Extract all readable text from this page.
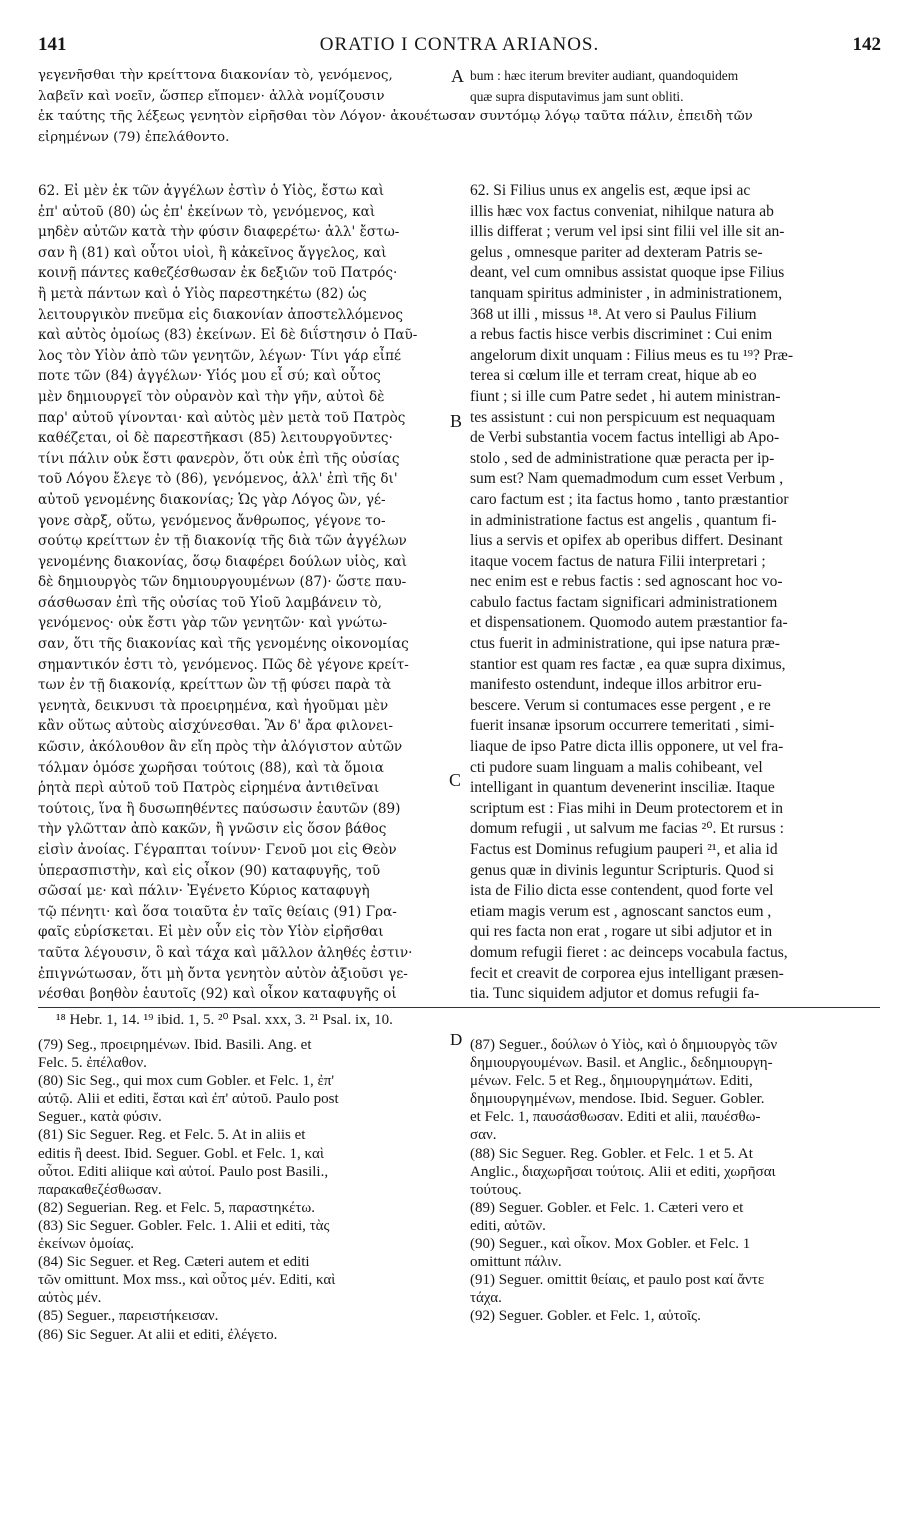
141	ORATIO I CONTRA ARIANOS.	142
γεγενῆσθαι τὴν κρείττονα διακονίαν τὸ, γενόμενος,
λαβεῖν καὶ νοεῖν, ὥσπερ εἴπομεν· ἀλλὰ νομίζουσιν
A bum : hæc iterum breviter audiant, quandoquidem
quæ supra disputavimus jam sunt obliti.
ἐκ ταύτης τῆς λέξεως γενητὸν εἰρῆσθαι τὸν Λόγον· ἀκουέτωσαν συντόμῳ λόγῳ ταῦτα πάλιν, ἐπειδὴ τῶν
εἰρημένων (79) ἐπελάθοντο.
62. Εἰ μὲν ἐκ τῶν ἀγγέλων ἐστὶν ὁ Υἱὸς, ἔστω καὶ
ἐπ' αὐτοῦ (80) ὡς ἐπ' ἐκείνων τὸ, γενόμενος, καὶ
μηδὲν αὐτῶν κατὰ τὴν φύσιν διαφερέτω· ἀλλ' ἔστω-
σαν ἢ (81) καὶ οὗτοι υἱοὶ, ἢ κἀκεῖνος ἄγγελος, καὶ
κοινῇ πάντες καθεζέσθωσαν ἐκ δεξιῶν τοῦ Πατρός·
ἢ μετὰ πάντων καὶ ὁ Υἱὸς παρεστηκέτω (82) ὡς
λειτουργικὸν πνεῦμα εἰς διακονίαν ἀποστελλόμενος
καὶ αὐτὸς ὁμοίως (83) ἐκείνων. Εἰ δὲ διΐστησιν ὁ Παῦ-
λος τὸν Υἱὸν ἀπὸ τῶν γενητῶν, λέγων· Τίνι γάρ εἶπέ
ποτε τῶν (84) ἀγγέλων· Υἱός μου εἶ σύ; καὶ οὗτος
μὲν δημιουργεῖ τὸν οὐρανὸν καὶ τὴν γῆν, αὐτοὶ δὲ
παρ' αὐτοῦ γίνονται· καὶ αὐτὸς μὲν μετὰ τοῦ Πατρὸς
καθέζεται, οἱ δὲ παρεστῆκασι (85) λειτουργοῦντες·
τίνι πάλιν οὐκ ἔστι φανερὸν, ὅτι οὐκ ἐπὶ τῆς οὐσίας
τοῦ Λόγου ἔλεγε τὸ (86), γενόμενος, ἀλλ' ἐπὶ τῆς δι'
αὐτοῦ γενομένης διακονίας; Ὡς γὰρ Λόγος ὢν, γέ-
γονε σὰρξ, οὕτω, γενόμενος ἄνθρωπος, γέγονε το-
σούτῳ κρείττων ἐν τῇ διακονίᾳ τῆς διὰ τῶν ἀγγέλων
γενομένης διακονίας, ὅσῳ διαφέρει δούλων υἱὸς, καὶ
δὲ δημιουργὸς τῶν δημιουργουμένων (87)· ὥστε παυ-
σάσθωσαν ἐπὶ τῆς οὐσίας τοῦ Υἱοῦ λαμβάνειν τὸ,
γενόμενος· οὐκ ἔστι γὰρ τῶν γενητῶν· καὶ γνώτω-
σαν, ὅτι τῆς διακονίας καὶ τῆς γενομένης οἰκονομίας
σημαντικόν ἐστι τὸ, γενόμενος. Πῶς δὲ γέγονε κρείτ-
των ἐν τῇ διακονίᾳ, κρείττων ὢν τῇ φύσει παρὰ τὰ
γενητὰ, δεικνυσι τὰ προειρημένα, καὶ ἡγοῦμαι μὲν
κἂν οὕτως αὐτοὺς αἰσχύνεσθαι. Ἂν δ' ἄρα φιλονει-
κῶσιν, ἀκόλουθον ἂν εἴη πρὸς τὴν ἀλόγιστον αὐτῶν
τόλμαν ὁμόσε χωρῆσαι τούτοις (88), καὶ τὰ ὅμοια
ῥητὰ περὶ αὐτοῦ τοῦ Πατρὸς εἰρημένα ἀντιθεῖναι
τούτοις, ἵνα ἢ δυσωπηθέντες παύσωσιν ἑαυτῶν (89)
τὴν γλῶτταν ἀπὸ κακῶν, ἢ γνῶσιν εἰς ὅσον βάθος
εἰσὶν ἀνοίας. Γέγραπται τοίνυν· Γενοῦ μοι εἰς Θεὸν
ὑπερασπιστὴν, καὶ εἰς οἶκον (90) καταφυγῆς, τοῦ
σῶσαί με· καὶ πάλιν· Ἐγένετο Κύριος καταφυγὴ
τῷ πένητι· καὶ ὅσα τοιαῦτα ἐν ταῖς θείαις (91) Γρα-
φαῖς εὑρίσκεται. Εἰ μὲν οὖν εἰς τὸν Υἱὸν εἰρῆσθαι
ταῦτα λέγουσιν, ὃ καὶ τάχα καὶ μᾶλλον ἀληθές ἐστιν·
ἐπιγνώτωσαν, ὅτι μὴ ὄντα γενητὸν αὐτὸν ἀξιοῦσι γε-
νέσθαι βοηθὸν ἑαυτοῖς (92) καὶ οἶκον καταφυγῆς οἱ
B
C
62. Si Filius unus ex angelis est, æque ipsi ac
illis hæc vox factus conveniat, nihilque natura ab
illis differat ; verum vel ipsi sint filii vel ille sit an-
gelus , omnesque pariter ad dexteram Patris se-
deant, vel cum omnibus assistat quoque ipse Filius
tanquam spiritus administer , in administrationem,
368 ut illi , missus ¹⁸. At vero si Paulus Filium
a rebus factis hisce verbis discriminet : Cui enim
angelorum dixit unquam : Filius meus es tu ¹⁹? Præ-
terea si cœlum ille et terram creat, hique ab eo
fiunt ; si ille cum Patre sedet , hi autem ministran-
tes assistunt : cui non perspicuum est nequaquam
de Verbi substantia vocem factus intelligi ab Apo-
stolo , sed de administratione quæ peracta per ip-
sum est? Nam quemadmodum cum esset Verbum ,
caro factum est ; ita factus homo , tanto præstantior
in administratione factus est angelis , quantum fi-
lius a servis et opifex ab operibus differt. Desinant
itaque vocem factus de natura Filii interpretari ;
nec enim est e rebus factis : sed agnoscant hoc vo-
cabulo factus factam significari administrationem
et dispensationem. Quomodo autem præstantior fa-
ctus fuerit in administratione, qui ipse natura præ-
stantior est quam res factæ , ea quæ supra diximus,
manifesto ostendunt, indeque illos arbitror eru-
bescere. Verum si contumaces esse pergent , e re
fuerit insanæ ipsorum occurrere temeritati , simi-
liaque de ipso Patre dicta illis opponere, ut vel fra-
cti pudore suam linguam a malis cohibeant, vel
intelligant in quantum devenerint insciliæ. Itaque
scriptum est : Fias mihi in Deum protectorem et in
domum refugii , ut salvum me facias ²⁰. Et rursus :
Factus est Dominus refugium pauperi ²¹, et alia id
genus quæ in divinis leguntur Scripturis. Quod si
ista de Filio dicta esse contendent, quod forte vel
etiam magis verum est , agnoscant sanctos eum ,
qui res facta non erat , rogare ut sibi adjutor et in
domum refugii fieret : ac deinceps vocabula factus,
fecit et creavit de corporea ejus intelligant præsen-
tia. Tunc siquidem adjutor et domus refugii fa-
¹⁸ Hebr. 1, 14. ¹⁹ ibid. 1, 5. ²⁰ Psal. xxx, 3. ²¹ Psal. ix, 10.
(79) Seg., προειρημένων. Ibid. Basili. Ang. et
Felc. 5. ἐπέλαθον.
(80) Sic Seg., qui mox cum Gobler. et Felc. 1, ἐπ'
αὐτῷ. Alii et editi, ἔσται καὶ ἐπ' αὐτοῦ. Paulo post
Seguer., κατὰ φύσιν.
(81) Sic Seguer. Reg. et Felc. 5. At in aliis et
editis ἢ deest. Ibid. Seguer. Gobl. et Felc. 1, καὶ
οὗτοι. Editi aliique καὶ αὐτοί. Paulo post Basili.,
παρακαθεζέσθωσαν.
(82) Seguerian. Reg. et Felc. 5, παραστηκέτω.
(83) Sic Seguer. Gobler. Felc. 1. Alii et editi, τὰς
ἐκείνων ὁμοίας.
(84) Sic Seguer. et Reg. Cæteri autem et editi
τῶν omittunt. Mox mss., καὶ οὗτος μέν. Editi, καὶ
αὐτὸς μέν.
(85) Seguer., παρειστήκεισαν.
(86) Sic Seguer. At alii et editi, ἐλέγετο.
D (87) Seguer., δούλων ὁ Υἱὸς, καὶ ὁ δημιουργὸς τῶν
δημιουργουμένων. Basil. et Anglic., δεδημιουργη-
μένων. Felc. 5 et Reg., δημιουργημάτων. Editi,
δημιουργημένων, mendose. Ibid. Seguer. Gobler.
et Felc. 1, παυσάσθωσαν. Editi et alii, παυέσθω-
σαν.
(88) Sic Seguer. Reg. Gobler. et Felc. 1 et 5. At
Anglic., διαχωρῆσαι τούτοις. Alii et editi, χωρῆσαι
τούτους.
(89) Seguer. Gobler. et Felc. 1. Cæteri vero et
editi, αὐτῶν.
(90) Seguer., καὶ οἶκον. Mox Gobler. et Felc. 1
omittunt πάλιν.
(91) Seguer. omittit θείαις, et paulo post καί ἄντε
τάχα.
(92) Seguer. Gobler. et Felc. 1, αὐτοῖς.
